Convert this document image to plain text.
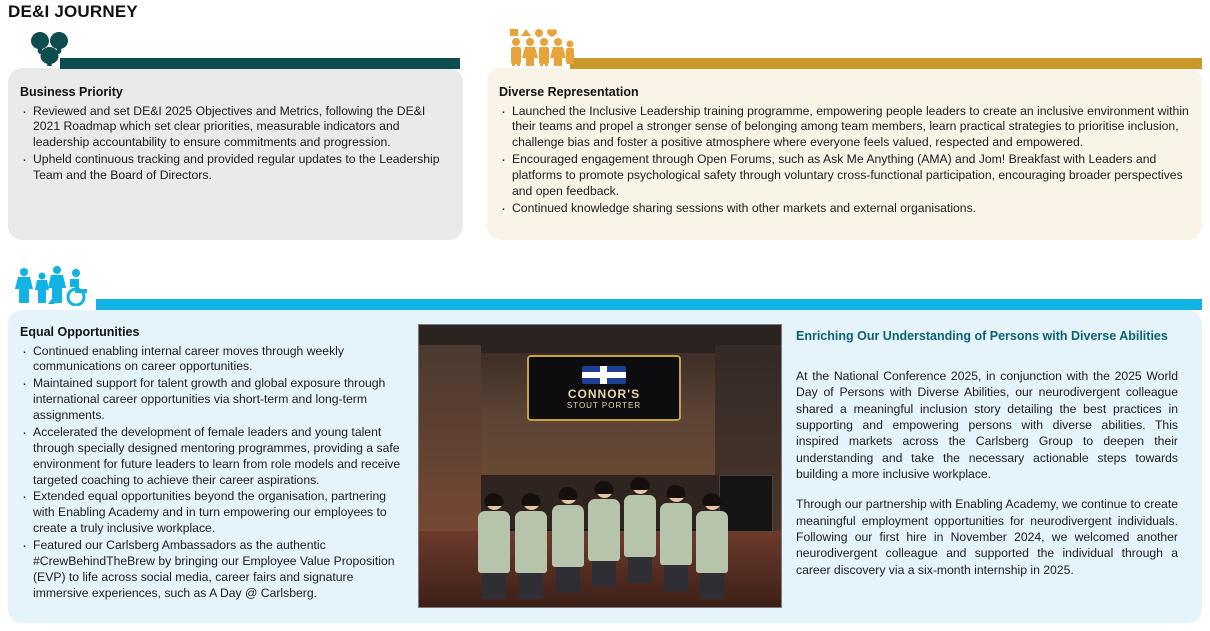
DE&I JOURNEY
Business Priority
· Reviewed and set DE&I 2025 Objectives and Metrics, following the DE&I 2021 Roadmap which set clear priorities, measurable indicators and leadership accountability to ensure commitments and progression.
· Upheld continuous tracking and provided regular updates to the Leadership Team and the Board of Directors.
Diverse Representation
· Launched the Inclusive Leadership training programme, empowering people leaders to create an inclusive environment within their teams and propel a stronger sense of belonging among team members, learn practical strategies to prioritise inclusion, challenge bias and foster a positive atmosphere where everyone feels valued, respected and empowered.
· Encouraged engagement through Open Forums, such as Ask Me Anything (AMA) and Jom! Breakfast with Leaders and platforms to promote psychological safety through voluntary cross-functional participation, encouraging broader perspectives and open feedback.
· Continued knowledge sharing sessions with other markets and external organisations.
Equal Opportunities
· Continued enabling internal career moves through weekly communications on career opportunities.
· Maintained support for talent growth and global exposure through international career opportunities via short-term and long-term assignments.
· Accelerated the development of female leaders and young talent through specially designed mentoring programmes, providing a safe environment for future leaders to learn from role models and receive targeted coaching to achieve their career aspirations.
· Extended equal opportunities beyond the organisation, partnering with Enabling Academy and in turn empowering our employees to create a truly inclusive workplace.
· Featured our Carlsberg Ambassadors as the authentic #CrewBehindTheBrew by bringing our Employee Value Proposition (EVP) to life across social media, career fairs and signature immersive experiences, such as A Day @ Carlsberg.
CONNOR'S
STOUT PORTER
Enriching Our Understanding of Persons with Diverse Abilities

At the National Conference 2025, in conjunction with the 2025 World Day of Persons with Diverse Abilities, our neurodivergent colleague shared a meaningful inclusion story detailing the best practices in supporting and empowering persons with diverse abilities. This inspired markets across the Carlsberg Group to deepen their understanding and take the necessary actionable steps towards building a more inclusive workplace.

Through our partnership with Enabling Academy, we continue to create meaningful employment opportunities for neurodivergent individuals. Following our first hire in November 2024, we welcomed another neurodivergent colleague and supported the individual through a career discovery via a six-month internship in 2025.
